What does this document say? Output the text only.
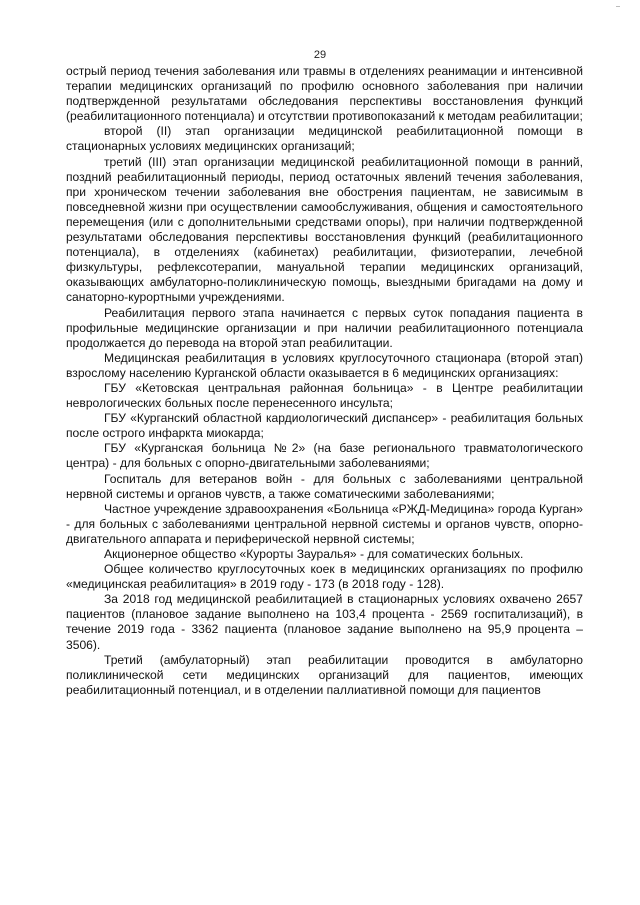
29

острый период течения заболевания или травмы в отделениях реанимации и интенсивной терапии медицинских организаций по профилю основного заболевания при наличии подтвержденной результатами обследования перспективы восстановления функций (реабилитационного потенциала) и отсутствии противопоказаний к методам реабилитации;

второй (II) этап организации медицинской реабилитационной помощи в стационарных условиях медицинских организаций;

третий (III) этап организации медицинской реабилитационной помощи в ранний, поздний реабилитационный периоды, период остаточных явлений течения заболевания, при хроническом течении заболевания вне обострения пациентам, не зависимым в повседневной жизни при осуществлении самообслуживания, общения и самостоятельного перемещения (или с дополнительными средствами опоры), при наличии подтвержденной результатами обследования перспективы восстановления функций (реабилитационного потенциала), в отделениях (кабинетах) реабилитации, физиотерапии, лечебной физкультуры, рефлексотерапии, мануальной терапии медицинских организаций, оказывающих амбулаторно-поликлиническую помощь, выездными бригадами на дому и санаторно-курортными учреждениями.

Реабилитация первого этапа начинается с первых суток попадания пациента в профильные медицинские организации и при наличии реабилитационного потенциала продолжается до перевода на второй этап реабилитации.

Медицинская реабилитация в условиях круглосуточного стационара (второй этап) взрослому населению Курганской области оказывается в 6 медицинских организациях:

ГБУ «Кетовская центральная районная больница» - в Центре реабилитации неврологических больных после перенесенного инсульта;

ГБУ «Курганский областной кардиологический диспансер» - реабилитация больных после острого инфаркта миокарда;

ГБУ «Курганская больница №2» (на базе регионального травматологического центра) - для больных с опорно-двигательными заболеваниями;

Госпиталь для ветеранов войн - для больных с заболеваниями центральной нервной системы и органов чувств, а также соматическими заболеваниями;

Частное учреждение здравоохранения «Больница «РЖД-Медицина» города Курган» - для больных с заболеваниями центральной нервной системы и органов чувств, опорно-двигательного аппарата и периферической нервной системы;

Акционерное общество «Курорты Зауралья» - для соматических больных.

Общее количество круглосуточных коек в медицинских организациях по профилю «медицинская реабилитация» в 2019 году - 173 (в 2018 году - 128).

За 2018 год медицинской реабилитацией в стационарных условиях охвачено 2657 пациентов (плановое задание выполнено на 103,4 процента - 2569 госпитализаций), в течение 2019 года - 3362 пациента (плановое задание выполнено на 95,9 процента – 3506).

Третий (амбулаторный) этап реабилитации проводится в амбулаторно поликлинической сети медицинских организаций для пациентов, имеющих реабилитационный потенциал, и в отделении паллиативной помощи для пациентов
